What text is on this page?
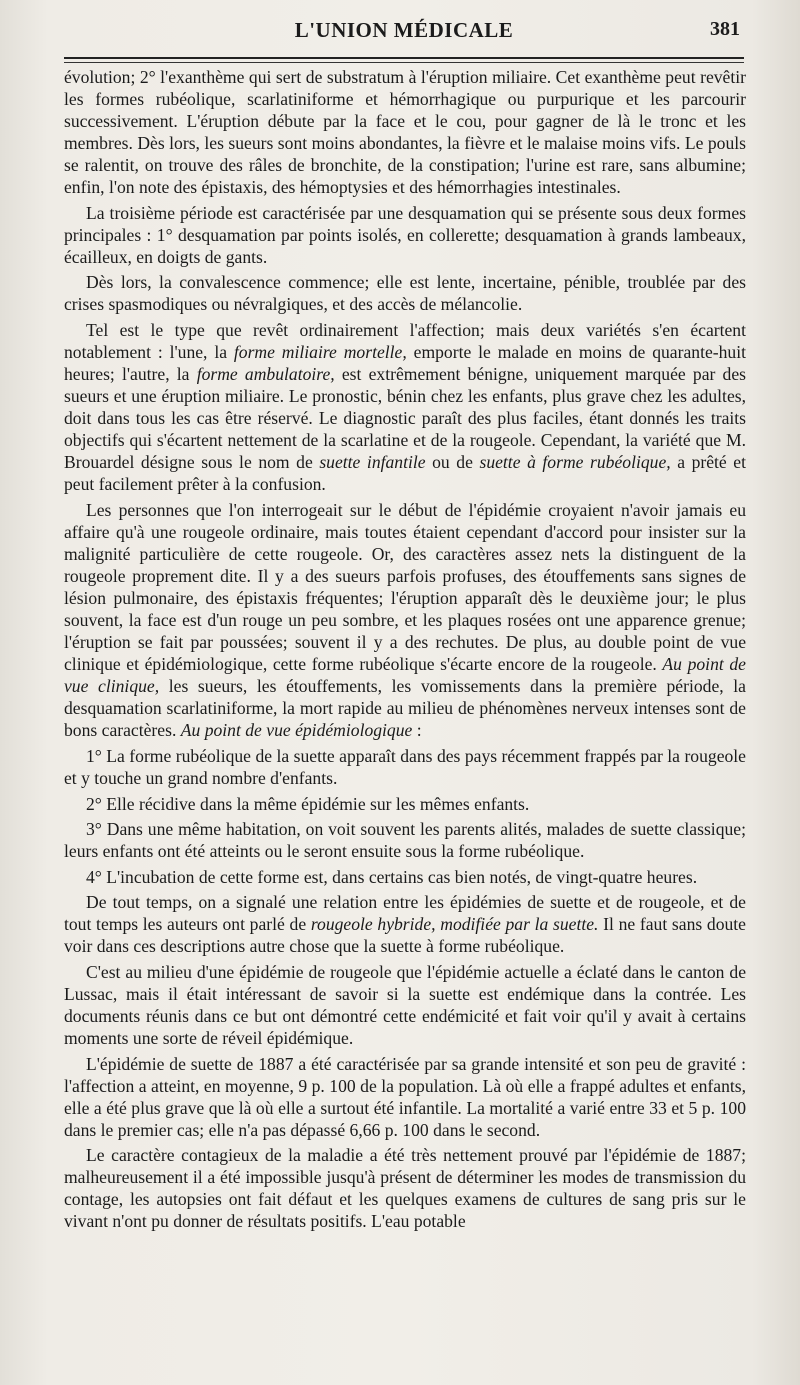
L'UNION MÉDICALE	381

évolution; 2° l'exanthème qui sert de substratum à l'éruption miliaire. Cet exanthème peut revêtir les formes rubéolique, scarlatiniforme et hémorrhagique ou purpurique et les parcourir successivement. L'éruption débute par la face et le cou, pour gagner de là le tronc et les membres. Dès lors, les sueurs sont moins abondantes, la fièvre et le malaise moins vifs. Le pouls se ralentit, on trouve des râles de bronchite, de la constipation; l'urine est rare, sans albumine; enfin, l'on note des épistaxis, des hémoptysies et des hémorrhagies intestinales.

La troisième période est caractérisée par une desquamation qui se présente sous deux formes principales : 1° desquamation par points isolés, en collerette; desquamation à grands lambeaux, écailleux, en doigts de gants.

Dès lors, la convalescence commence; elle est lente, incertaine, pénible, troublée par des crises spasmodiques ou névralgiques, et des accès de mélancolie.

Tel est le type que revêt ordinairement l'affection; mais deux variétés s'en écartent notablement : l'une, la forme miliaire mortelle, emporte le malade en moins de quarante-huit heures; l'autre, la forme ambulatoire, est extrêmement bénigne, uniquement marquée par des sueurs et une éruption miliaire. Le pronostic, bénin chez les enfants, plus grave chez les adultes, doit dans tous les cas être réservé. Le diagnostic paraît des plus faciles, étant donnés les traits objectifs qui s'écartent nettement de la scarlatine et de la rougeole. Cependant, la variété que M. Brouardel désigne sous le nom de suette infantile ou de suette à forme rubéolique, a prêté et peut facilement prêter à la confusion.

Les personnes que l'on interrogeait sur le début de l'épidémie croyaient n'avoir jamais eu affaire qu'à une rougeole ordinaire, mais toutes étaient cependant d'accord pour insister sur la malignité particulière de cette rougeole. Or, des caractères assez nets la distinguent de la rougeole proprement dite. Il y a des sueurs parfois profuses, des étouffements sans signes de lésion pulmonaire, des épistaxis fréquentes; l'éruption apparaît dès le deuxième jour; le plus souvent, la face est d'un rouge un peu sombre, et les plaques rosées ont une apparence grenue; l'éruption se fait par poussées; souvent il y a des rechutes. De plus, au double point de vue clinique et épidémiologique, cette forme rubéolique s'écarte encore de la rougeole. Au point de vue clinique, les sueurs, les étouffements, les vomissements dans la première période, la desquamation scarlatiniforme, la mort rapide au milieu de phénomènes nerveux intenses sont de bons caractères. Au point de vue épidémiologique :

1° La forme rubéolique de la suette apparaît dans des pays récemment frappés par la rougeole et y touche un grand nombre d'enfants.

2° Elle récidive dans la même épidémie sur les mêmes enfants.

3° Dans une même habitation, on voit souvent les parents alités, malades de suette classique; leurs enfants ont été atteints ou le seront ensuite sous la forme rubéolique.

4° L'incubation de cette forme est, dans certains cas bien notés, de vingt-quatre heures.

De tout temps, on a signalé une relation entre les épidémies de suette et de rougeole, et de tout temps les auteurs ont parlé de rougeole hybride, modifiée par la suette. Il ne faut sans doute voir dans ces descriptions autre chose que la suette à forme rubéolique.

C'est au milieu d'une épidémie de rougeole que l'épidémie actuelle a éclaté dans le canton de Lussac, mais il était intéressant de savoir si la suette est endémique dans la contrée. Les documents réunis dans ce but ont démontré cette endémicité et fait voir qu'il y avait à certains moments une sorte de réveil épidémique.

L'épidémie de suette de 1887 a été caractérisée par sa grande intensité et son peu de gravité : l'affection a atteint, en moyenne, 9 p. 100 de la population. Là où elle a frappé adultes et enfants, elle a été plus grave que là où elle a surtout été infantile. La mortalité a varié entre 33 et 5 p. 100 dans le premier cas; elle n'a pas dépassé 6,66 p. 100 dans le second.

Le caractère contagieux de la maladie a été très nettement prouvé par l'épidémie de 1887; malheureusement il a été impossible jusqu'à présent de déterminer les modes de transmission du contage, les autopsies ont fait défaut et les quelques examens de cultures de sang pris sur le vivant n'ont pu donner de résultats positifs. L'eau potable
